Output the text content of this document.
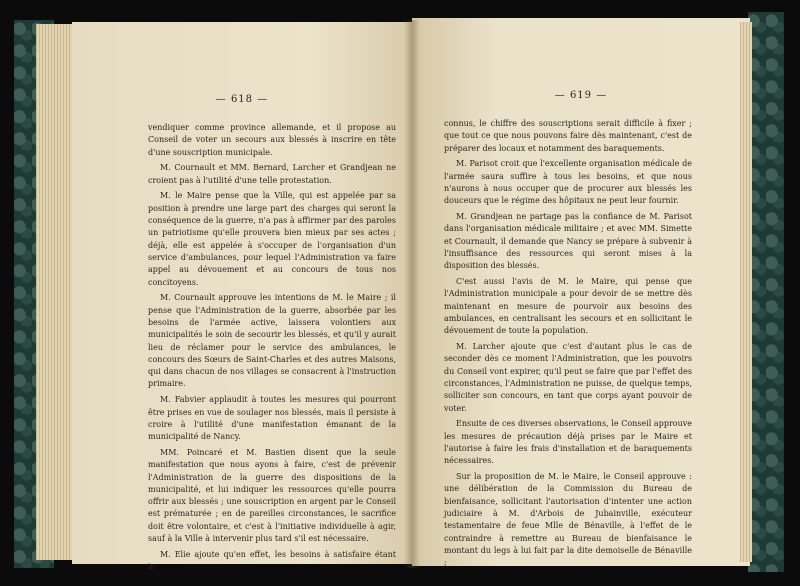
— 618 —

vendiquer comme province allemande, et il propose au Conseil de voter un secours aux blessés à inscrire en tête d'une souscription municipale.

M. Cournault et MM. Bernard, Larcher et Grandjean ne croient pas à l'utilité d'une telle protestation.

M. le Maire pense que la Ville, qui est appelée par sa position à prendre une large part des charges qui seront la conséquence de la guerre, n'a pas à affirmer par des paroles un patriotisme qu'elle prouvera bien mieux par ses actes ; déjà, elle est appelée à s'occuper de l'organisation d'un service d'ambulances, pour lequel l'Administration va faire appel au dévouement et au concours de tous nos concitoyens.

M. Cournault approuve les intentions de M. le Maire ; il pense que l'Administration de la guerre, absorbée par les besoins de l'armée active, laissera volontiers aux municipalités le soin de secourir les blessés, et qu'il y aurait lieu de réclamer pour le service des ambulances, le concours des Sœurs de Saint-Charles et des autres Maisons, qui dans chacun de nos villages se consacrent à l'instruction primaire.

M. Fabvier applaudit à toutes les mesures qui pourront être prises en vue de soulager nos blessés, mais il persiste à croire à l'utilité d'une manifestation émanant de la municipalité de Nancy.

MM. Poincaré et M. Bastien disent que la seule manifestation que nous ayons à faire, c'est de prévenir l'Administration de la guerre des dispositions de la municipalité, et lui indiquer les ressources qu'elle pourra offrir aux blessés ; une souscription en argent par le Conseil est prématurée ; en de pareilles circonstances, le sacrifice doit être volontaire, et c'est à l'initiative individuelle à agir, sauf à la Ville à intervenir plus tard s'il est nécessaire.

M. Elie ajoute qu'en effet, les besoins à satisfaire étant in-

— 619 —

connus, le chiffre des souscriptions serait difficile à fixer ; que tout ce que nous pouvons faire dès maintenant, c'est de préparer des locaux et notamment des baraquements.

M. Parisot croit que l'excellente organisation médicale de l'armée saura suffire à tous les besoins, et que nous n'aurons à nous occuper que de procurer aux blessés les douceurs que le régime des hôpitaux ne peut leur fournir.

M. Grandjean ne partage pas la confiance de M. Parisot dans l'organisation médicale militaire ; et avec MM. Simette et Cournault, il demande que Nancy se prépare à subvenir à l'insuffisance des ressources qui seront mises à la disposition des blessés.

C'est aussi l'avis de M. le Maire, qui pense que l'Administration municipale a pour devoir de se mettre dès maintenant en mesure de pourvoir aux besoins des ambulances, en centralisant les secours et en sollicitant le dévouement de toute la population.

M. Larcher ajoute que c'est d'autant plus le cas de seconder dès ce moment l'Administration, que les pouvoirs du Conseil vont expirer, qu'il peut se faire que par l'effet des circonstances, l'Administration ne puisse, de quelque temps, solliciter son concours, en tant que corps ayant pouvoir de voter.

Ensuite de ces diverses observations, le Conseil approuve les mesures de précaution déjà prises par le Maire et l'autorise à faire les frais d'installation et de baraquements nécessaires.

Sur la proposition de M. le Maire, le Conseil approuve : une délibération de la Commission du Bureau de bienfaisance, sollicitant l'autorisation d'intenter une action judiciaire à M. d'Arbois de Jubainville, exécuteur testamentaire de feue Mlle de Bénaville, à l'effet de le contraindre à remettre au Bureau de bienfaisance le montant du legs à lui fait par la dite demoiselle de Bénaville ;
